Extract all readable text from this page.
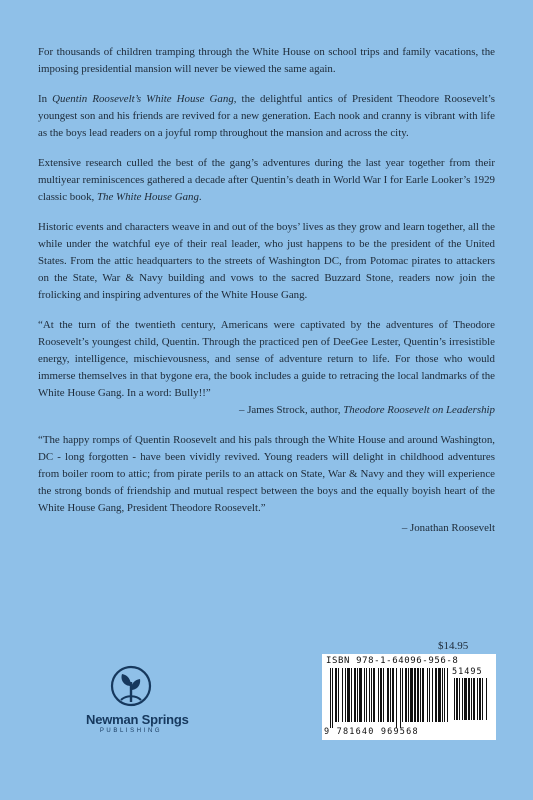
For thousands of children tramping through the White House on school trips and family vacations, the imposing presidential mansion will never be viewed the same again.

In Quentin Roosevelt’s White House Gang, the delightful antics of President Theodore Roosevelt’s youngest son and his friends are revived for a new generation. Each nook and cranny is vibrant with life as the boys lead readers on a joyful romp throughout the mansion and across the city.

Extensive research culled the best of the gang’s adventures during the last year together from their multiyear reminiscences gathered a decade after Quentin’s death in World War I for Earle Looker’s 1929 classic book, The White House Gang.

Historic events and characters weave in and out of the boys’ lives as they grow and learn together, all the while under the watchful eye of their real leader, who just happens to be the president of the United States. From the attic headquarters to the streets of Washington DC, from Potomac pirates to attackers on the State, War & Navy building and vows to the sacred Buzzard Stone, readers now join the frolicking and inspiring adventures of the White House Gang.

“At the turn of the twentieth century, Americans were captivated by the adventures of Theodore Roosevelt’s youngest child, Quentin. Through the practiced pen of DeeGee Lester, Quentin’s irresistible energy, intelligence, mischievousness, and sense of adventure return to life. For those who would immerse themselves in that bygone era, the book includes a guide to retracing the local landmarks of the White House Gang. In a word: Bully!!”

– James Strock, author, Theodore Roosevelt on Leadership

“The happy romps of Quentin Roosevelt and his pals through the White House and around Washington, DC - long forgotten - have been vividly revived. Young readers will delight in childhood adventures from boiler room to attic; from pirate perils to an attack on State, War & Navy and they will experience the strong bonds of friendship and mutual respect between the boys and the equally boyish heart of the White House Gang, President Theodore Roosevelt.”

– Jonathan Roosevelt
Newman Springs
PUBLISHING
$14.95
ISBN 978-1-64096-956-8
51495
9 781640 969568
